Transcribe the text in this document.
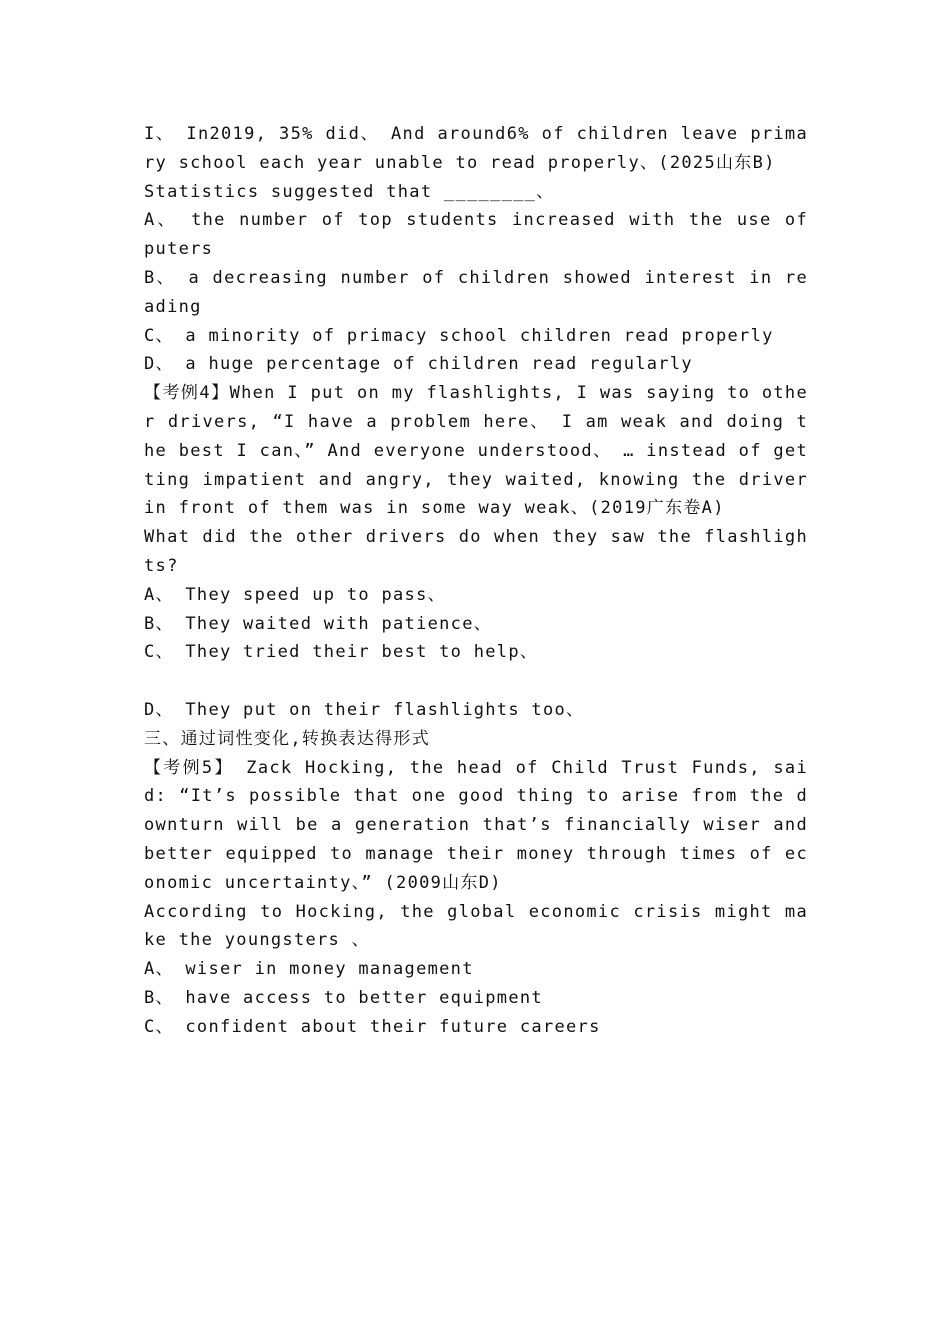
I、 In2019, 35% did、 And around6% of children leave primary school each year unable to read properly、(2025山东B)

Statistics suggested that ________、

A、 the number of top students increased with the use of puters

B、 a decreasing number of children showed interest in reading

C、 a minority of primacy school children read properly

D、 a huge percentage of children read regularly

【考例4】When I put on my flashlights, I was saying to other drivers, “I have a problem here、 I am weak and doing the best I can、” And everyone understood、 … instead of getting impatient and angry, they waited, knowing the driver in front of them was in some way weak、(2019广东卷A)

What did the other drivers do when they saw the flashlights?

A、 They speed up to pass、

B、 They waited with patience、

C、 They tried their best to help、

D、 They put on their flashlights too、

三、通过词性变化,转换表达得形式

【考例5】 Zack Hocking, the head of Child Trust Funds, said: “It’s possible that one good thing to arise from the downturn will be a generation that’s financially wiser and better equipped to manage their money through times of economic uncertainty、” (2009山东D)

According to Hocking, the global economic crisis might make the youngsters 、

A、 wiser in money management

B、 have access to better equipment

C、 confident about their future careers
